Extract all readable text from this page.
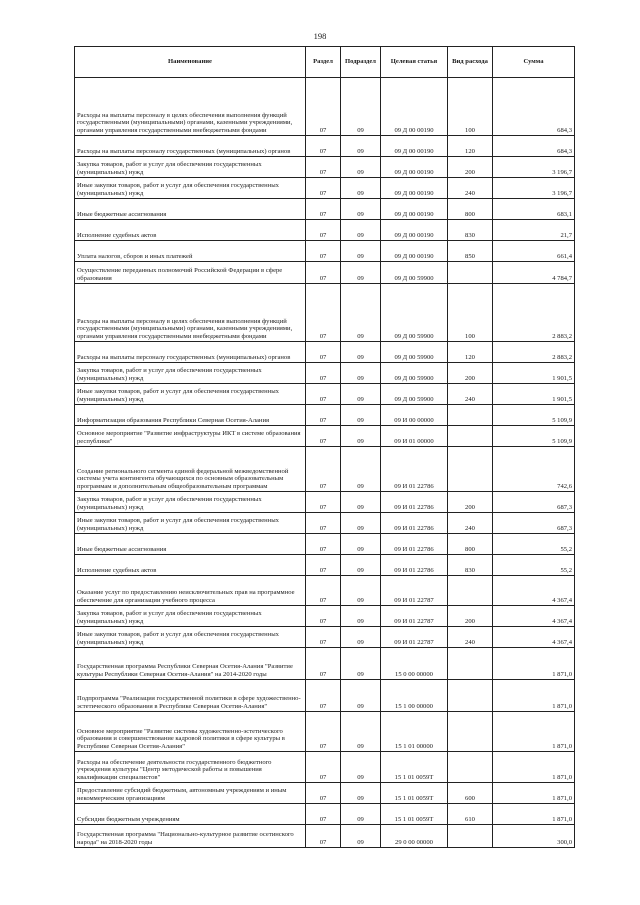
198
Наименование	Раздел	Подраздел	Целевая статья	Вид расхода	Сумма
Расходы на выплаты персоналу в целях обеспечения выполнения функций государственными (муниципальными) органами, казенными учреждениями, органами управления государственными внебюджетными фондами	07	09	09 Д 00 00190	100	684,3
Расходы на выплаты персоналу государственных (муниципальных) органов	07	09	09 Д 00 00190	120	684,3
Закупка товаров, работ и услуг для обеспечения государственных (муниципальных) нужд	07	09	09 Д 00 00190	200	3 196,7
Иные закупки товаров, работ и услуг для обеспечения государственных (муниципальных) нужд	07	09	09 Д 00 00190	240	3 196,7
Иные бюджетные ассигнования	07	09	09 Д 00 00190	800	683,1
Исполнение судебных актов	07	09	09 Д 00 00190	830	21,7
Уплата налогов, сборов и иных платежей	07	09	09 Д 00 00190	850	661,4
Осуществление переданных полномочий Российской Федерации в сфере образования	07	09	09 Д 00 59900		4 784,7
Расходы на выплаты персоналу в целях обеспечения выполнения функций государственными (муниципальными) органами, казенными учреждениями, органами управления государственными внебюджетными фондами	07	09	09 Д 00 59900	100	2 883,2
Расходы на выплаты персоналу государственных (муниципальных) органов	07	09	09 Д 00 59900	120	2 883,2
Закупка товаров, работ и услуг для обеспечения государственных (муниципальных) нужд	07	09	09 Д 00 59900	200	1 901,5
Иные закупки товаров, работ и услуг для обеспечения государственных (муниципальных) нужд	07	09	09 Д 00 59900	240	1 901,5
Информатизация образования Республики Северная Осетия-Алания	07	09	09 И 00 00000		5 109,9
Основное мероприятие "Развитие инфраструктуры ИКТ в системе образования республики"	07	09	09 И 01 00000		5 109,9
Создание регионального сегмента единой федеральной межведомственной системы учета контингента обучающихся по основным образовательным программам и дополнительным общеобразовательным программам	07	09	09 И 01 22786		742,6
Закупка товаров, работ и услуг для обеспечения государственных (муниципальных) нужд	07	09	09 И 01 22786	200	687,3
Иные закупки товаров, работ и услуг для обеспечения государственных (муниципальных) нужд	07	09	09 И 01 22786	240	687,3
Иные бюджетные ассигнования	07	09	09 И 01 22786	800	55,2
Исполнение судебных актов	07	09	09 И 01 22786	830	55,2
Оказание услуг по предоставлению неисключительных прав на программное обеспечение для организации учебного процесса	07	09	09 И 01 22787		4 367,4
Закупка товаров, работ и услуг для обеспечения государственных (муниципальных) нужд	07	09	09 И 01 22787	200	4 367,4
Иные закупки товаров, работ и услуг для обеспечения государственных (муниципальных) нужд	07	09	09 И 01 22787	240	4 367,4
Государственная программа Республики Северная Осетия-Алания "Развитие культуры Республики Северная Осетия-Алания" на 2014-2020 годы	07	09	15 0 00 00000		1 871,0
Подпрограмма "Реализация государственной политики в сфере художественно-эстетического образования в Республике Северная Осетия-Алания"	07	09	15 1 00 00000		1 871,0
Основное мероприятие "Развитие системы художественно-эстетического образования и совершенствование кадровой политики в сфере культуры в Республике Северная Осетия-Алания"	07	09	15 1 01 00000		1 871,0
Расходы на обеспечение деятельности государственного бюджетного учреждения культуры "Центр методической работы и повышения квалификации специалистов"	07	09	15 1 01 0059Т		1 871,0
Предоставление субсидий бюджетным, автономным учреждениям и иным некоммерческим организациям	07	09	15 1 01 0059Т	600	1 871,0
Субсидии бюджетным учреждениям	07	09	15 1 01 0059Т	610	1 871,0
Государственная программа "Национально-культурное развитие осетинского народа" на 2018-2020 годы	07	09	29 0 00 00000		300,0
